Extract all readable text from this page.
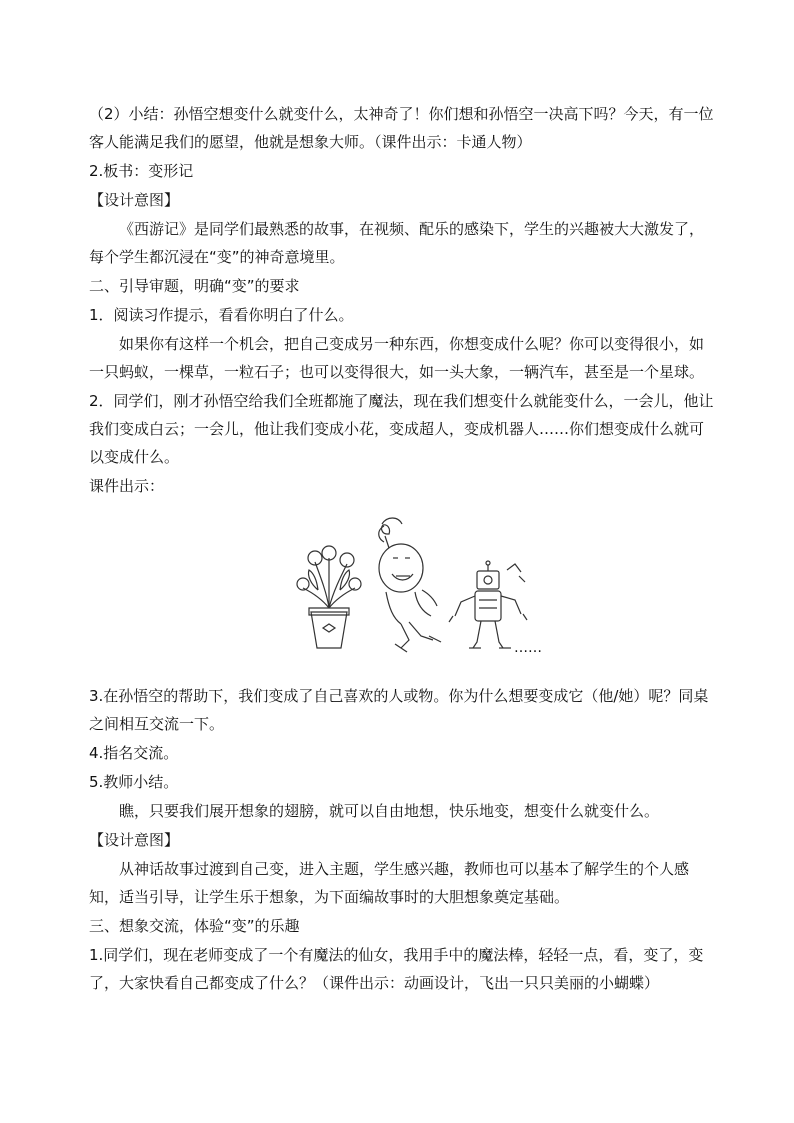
（2）小结：孙悟空想变什么就变什么，太神奇了！你们想和孙悟空一决高下吗？今天，有一位客人能满足我们的愿望，他就是想象大师。（课件出示：卡通人物）

2.板书：变形记

【设计意图】

《西游记》是同学们最熟悉的故事，在视频、配乐的感染下，学生的兴趣被大大激发了，每个学生都沉浸在“变”的神奇意境里。

二、引导审题，明确“变”的要求

1．阅读习作提示，看看你明白了什么。

如果你有这样一个机会，把自己变成另一种东西，你想变成什么呢？你可以变得很小，如一只蚂蚁，一棵草，一粒石子；也可以变得很大，如一头大象，一辆汽车，甚至是一个星球。

2．同学们，刚才孙悟空给我们全班都施了魔法，现在我们想变什么就能变什么，一会儿，他让我们变成白云；一会儿，他让我们变成小花，变成超人，变成机器人……你们想变成什么就可以变成什么。

课件出示：

……

3.在孙悟空的帮助下，我们变成了自己喜欢的人或物。你为什么想要变成它（他/她）呢？同桌之间相互交流一下。

4.指名交流。

5.教师小结。

瞧，只要我们展开想象的翅膀，就可以自由地想，快乐地变，想变什么就变什么。

【设计意图】

从神话故事过渡到自己变，进入主题，学生感兴趣，教师也可以基本了解学生的个人感知，适当引导，让学生乐于想象，为下面编故事时的大胆想象奠定基础。

三、想象交流，体验“变”的乐趣

1.同学们，现在老师变成了一个有魔法的仙女，我用手中的魔法棒，轻轻一点，看，变了，变了，大家快看自己都变成了什么？（课件出示：动画设计，飞出一只只美丽的小蝴蝶）
